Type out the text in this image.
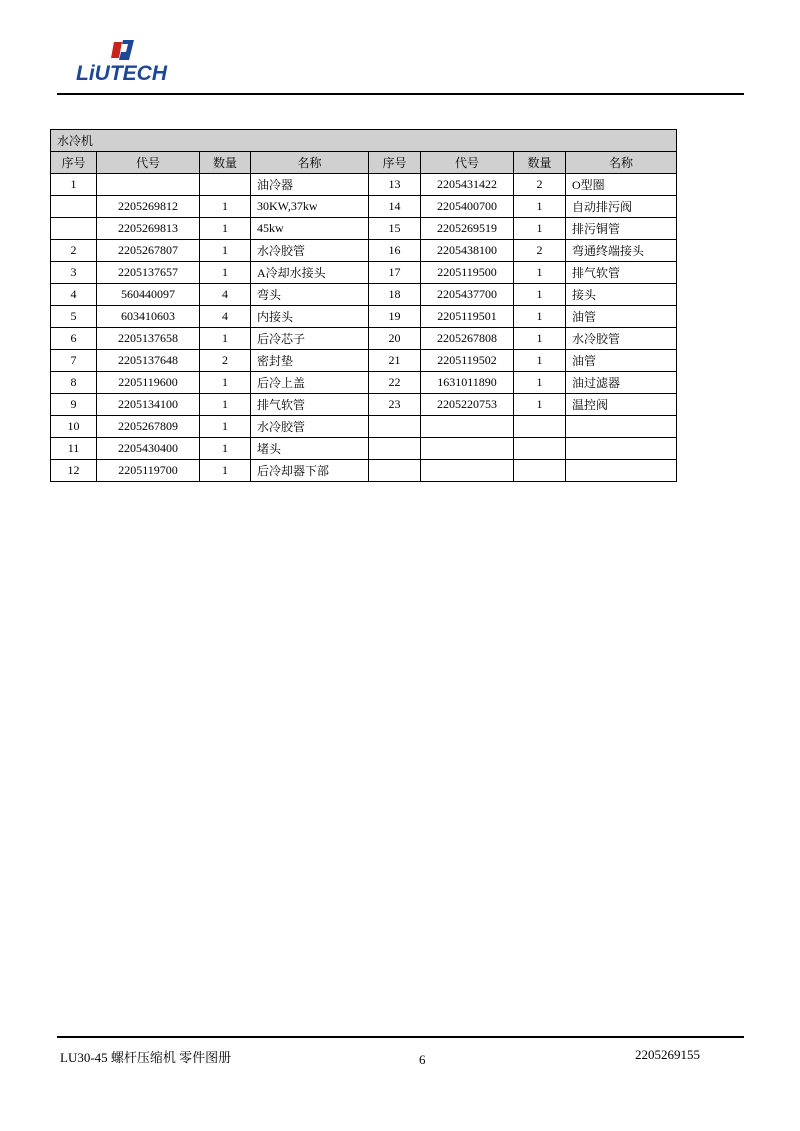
LiUTECH
水冷机							
序号	代号	数量	名称	序号	代号	数量	名称
1			油冷器	13	2205431422	2	O型圈
	2205269812	1	30KW,37kw	14	2205400700	1	自动排污阀
	2205269813	1	45kw	15	2205269519	1	排污铜管
2	2205267807	1	水冷胶管	16	2205438100	2	弯通终端接头
3	2205137657	1	A冷却水接头	17	2205119500	1	排气软管
4	560440097	4	弯头	18	2205437700	1	接头
5	603410603	4	内接头	19	2205119501	1	油管
6	2205137658	1	后冷芯子	20	2205267808	1	水冷胶管
7	2205137648	2	密封垫	21	2205119502	1	油管
8	2205119600	1	后冷上盖	22	1631011890	1	油过滤器
9	2205134100	1	排气软管	23	2205220753	1	温控阀
10	2205267809	1	水冷胶管				
11	2205430400	1	堵头				
12	2205119700	1	后冷却器下部				
LU30-45 螺杆压缩机 零件图册	6	2205269155
